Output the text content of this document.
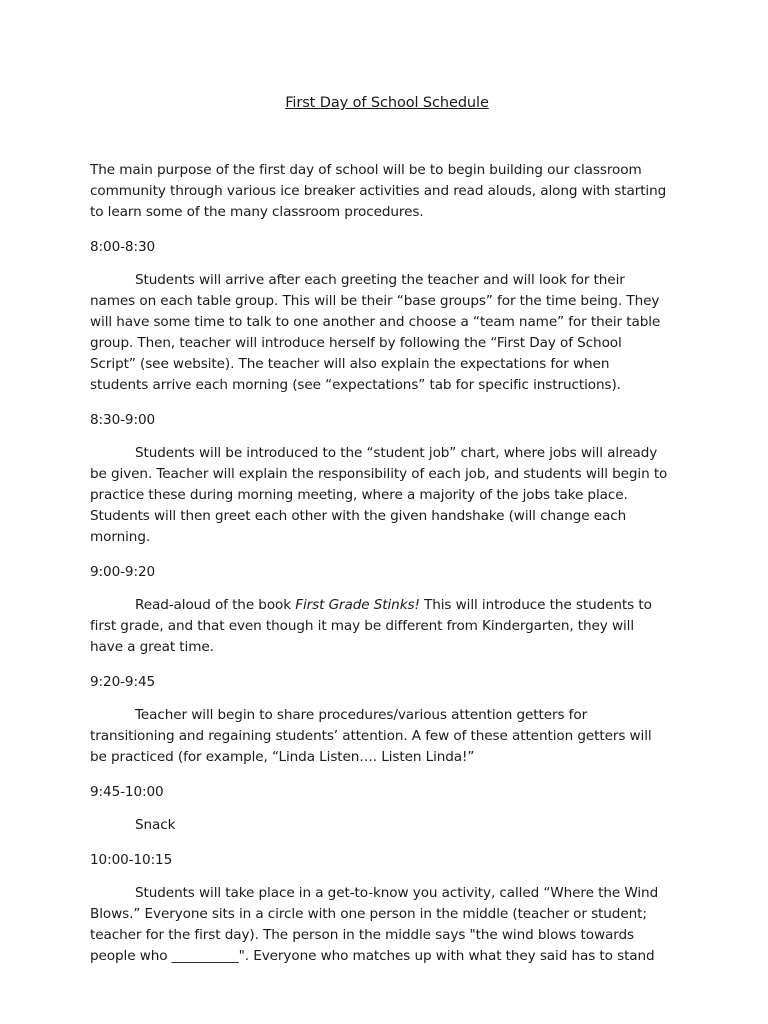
First Day of School Schedule
The main purpose of the first day of school will be to begin building our classroom community through various ice breaker activities and read alouds, along with starting to learn some of the many classroom procedures.
8:00-8:30
Students will arrive after each greeting the teacher and will look for their names on each table group. This will be their “base groups” for the time being. They will have some time to talk to one another and choose a “team name” for their table group. Then, teacher will introduce herself by following the “First Day of School Script” (see website). The teacher will also explain the expectations for when students arrive each morning (see “expectations” tab for specific instructions).
8:30-9:00
Students will be introduced to the “student job” chart, where jobs will already be given. Teacher will explain the responsibility of each job, and students will begin to practice these during morning meeting, where a majority of the jobs take place. Students will then greet each other with the given handshake (will change each morning.
9:00-9:20
Read-aloud of the book First Grade Stinks! This will introduce the students to first grade, and that even though it may be different from Kindergarten, they will have a great time.
9:20-9:45
Teacher will begin to share procedures/various attention getters for transitioning and regaining students’ attention. A few of these attention getters will be practiced (for example, “Linda Listen…. Listen Linda!”
9:45-10:00
Snack
10:00-10:15
Students will take place in a get-to-know you activity, called “Where the Wind Blows.” Everyone sits in a circle with one person in the middle (teacher or student; teacher for the first day). The person in the middle says "the wind blows towards people who __________". Everyone who matches up with what they said has to stand
